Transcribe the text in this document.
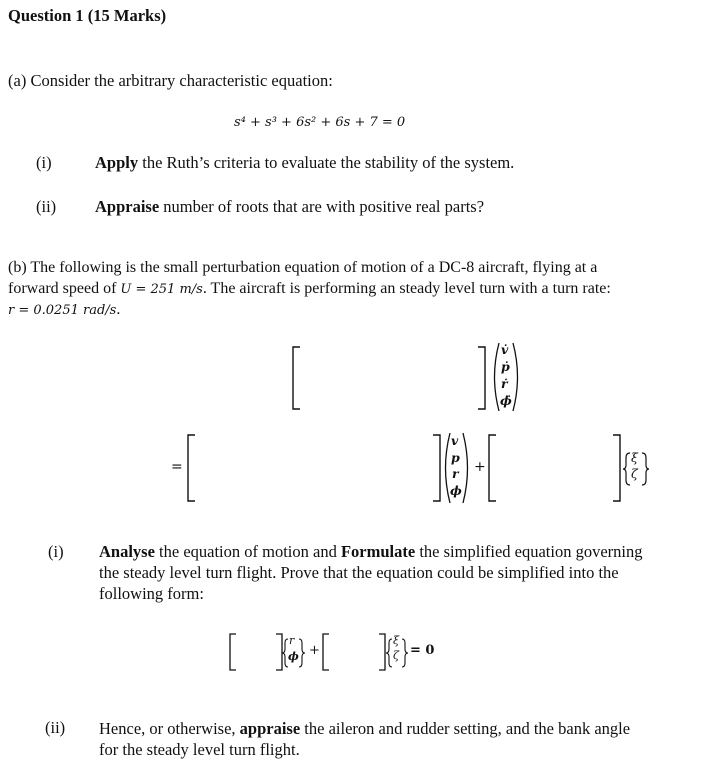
Question 1 (15 Marks)
(a) Consider the arbitrary characteristic equation:
s⁴ + s³ + 6s² + 6s + 7 = 0
(i)	Apply the Ruth’s criteria to evaluate the stability of the system.
(ii) Appraise number of roots that are with positive real parts?
(b) The following is the small perturbation equation of motion of a DC-8 aircraft, flying at a
forward speed of U = 251 m/s. The aircraft is performing an steady level turn with a turn rate:
r = 0.0251 rad/s.
v̇
ṗ
ṙ
ϕ̇
=
v
p
r
ϕ
+
ξ
ζ
(i) Analyse the equation of motion and Formulate the simplified equation governing
the steady level turn flight. Prove that the equation could be simplified into the
following form:
r
ϕ +
ξ
ζ = 0
(ii) Hence, or otherwise, appraise the aileron and rudder setting, and the bank angle
for the steady level turn flight.
